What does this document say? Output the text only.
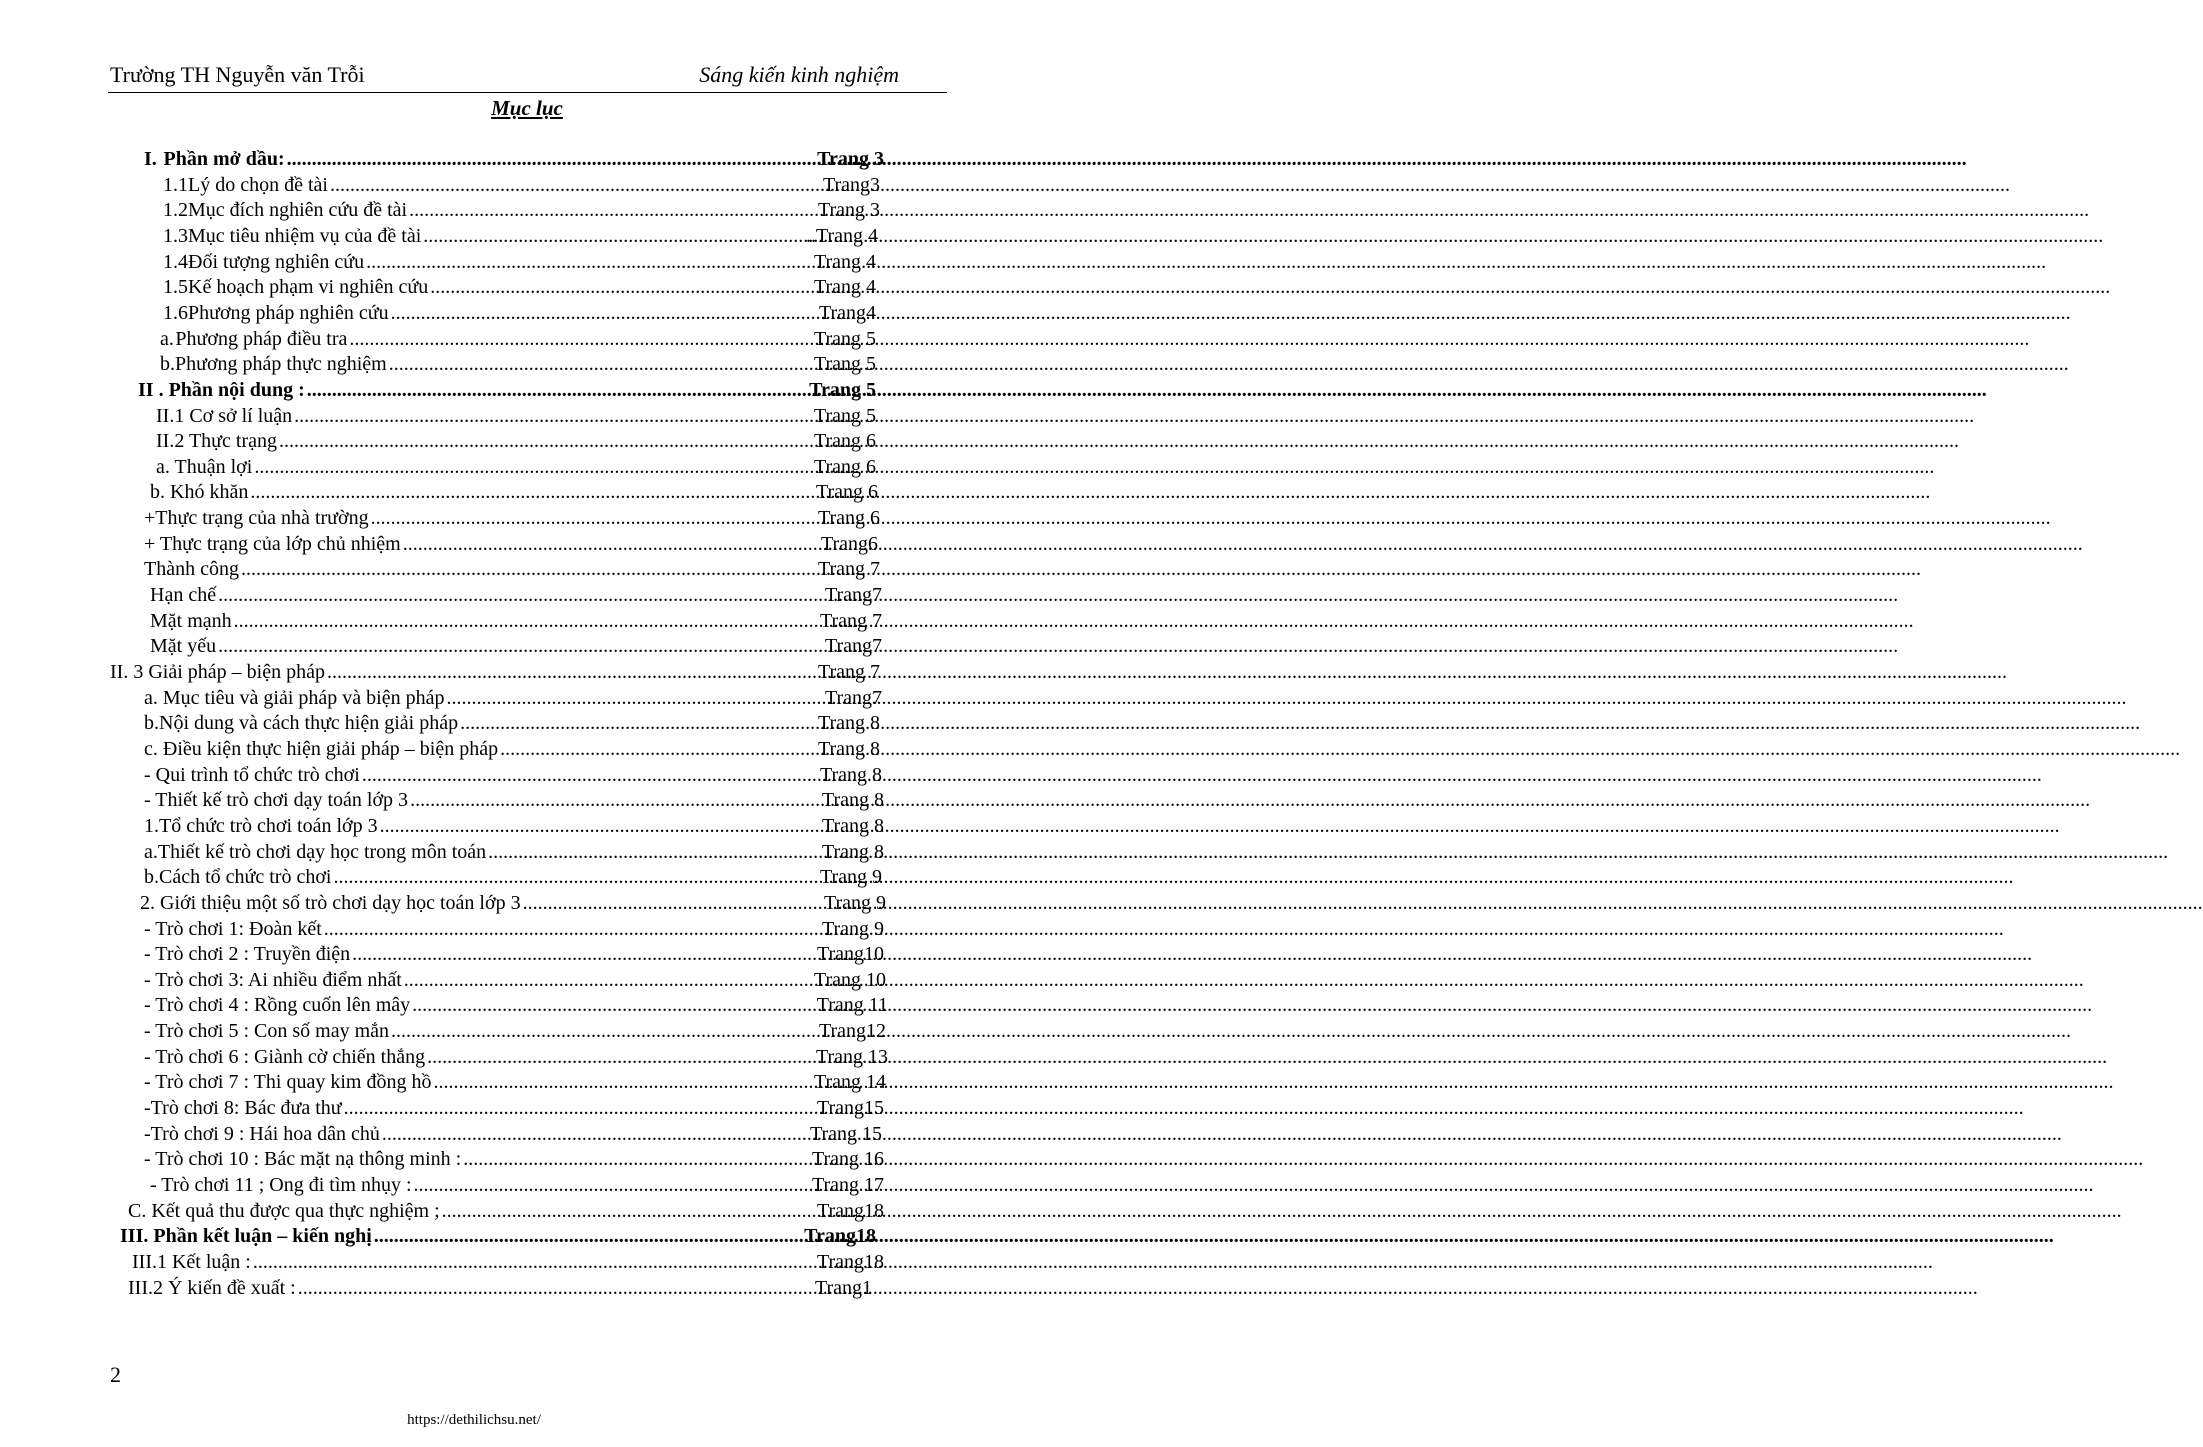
Trường TH Nguyễn văn Trỗi	Sáng kiến kinh nghiệm
Mục lục
I. Phần mở dầu: .....	Trang 3
1.1 Lý do chọn đề tài .....	Trang3
1.2 Mục đích nghiên cứu đề tài .....	Trang 3
1.3 Mục tiêu nhiệm vụ của đề tài .....	..Trang 4
1.4 Đối tượng nghiên cứu .....	Trang 4
1.5 Kế hoạch phạm vi nghiên cứu .....	Trang 4
1.6 Phương pháp nghiên cứu .....	Trang4
a. Phương pháp điều tra .....	Trang 5
b. Phương pháp thực nghiệm .....	Trang 5
II . Phần nội dung : .....	Trang 5
II.1 Cơ sở lí luận .....	Trang 5
II.2 Thực trạng .....	Trang 6
a. Thuận lợi .....	Trang 6
b. Khó khăn .....	Trang 6
+Thực trạng của nhà trường .....	Trang 6
+ Thực trạng của lớp chủ nhiệm .....	Trang6
Thành công .....	Trang 7
Hạn chế .....	Trang7
Mặt mạnh .....	Trang 7
Mặt yếu .....	Trang7
II. 3 Giải pháp – biện pháp .....	Trang 7
a. Mục tiêu và giải pháp và biện pháp .....	Trang7
b.Nội dung và cách thực hiện giải pháp .....	Trang 8
c. Điều kiện thực hiện giải pháp – biện pháp .....	Trang 8
- Qui trình tổ chức trò chơi .....	Trang 8
- Thiết kế trò chơi dạy toán lớp 3 .....	Trang 8
1.Tổ chức trò chơi toán lớp 3 .....	Trang 8
a.Thiết kế trò chơi dạy học trong môn toán .....	Trang 8
b.Cách tổ chức trò chơi .....	Trang 9
2. Giới thiệu một số trò chơi dạy học toán lớp 3 .....	Trang 9
- Trò chơi 1: Đoàn kết .....	Trang 9
- Trò chơi 2 : Truyền điện .....	Trang10
- Trò chơi 3: Ai nhiều điểm nhất .....	Trang 10
- Trò chơi 4 : Rồng cuốn lên mây .....	Trang 11
- Trò chơi 5 : Con số may mắn .....	Trang12
- Trò chơi 6 : Giành cờ chiến thắng .....	Trang 13
- Trò chơi 7 : Thi quay kim đồng hồ .....	Trang 14
-Trò chơi 8: Bác đưa thư .....	Trang15
-Trò chơi 9 : Hái hoa dân chủ .....	Trang 15
- Trò chơi 10 : Bác mặt nạ thông minh : .....	Trang 16
- Trò chơi 11 ; Ong đi tìm nhụy : .....	Trang 17
C. Kết quả thu được qua thực nghiệm ; .....	Trang18
III. Phần kết luận – kiến nghị .....	Trang18
III.1 Kết luận : .....	Trang18
III.2 Ý kiến đề xuất : .....	Trang1
2
https://dethilichsu.net/
